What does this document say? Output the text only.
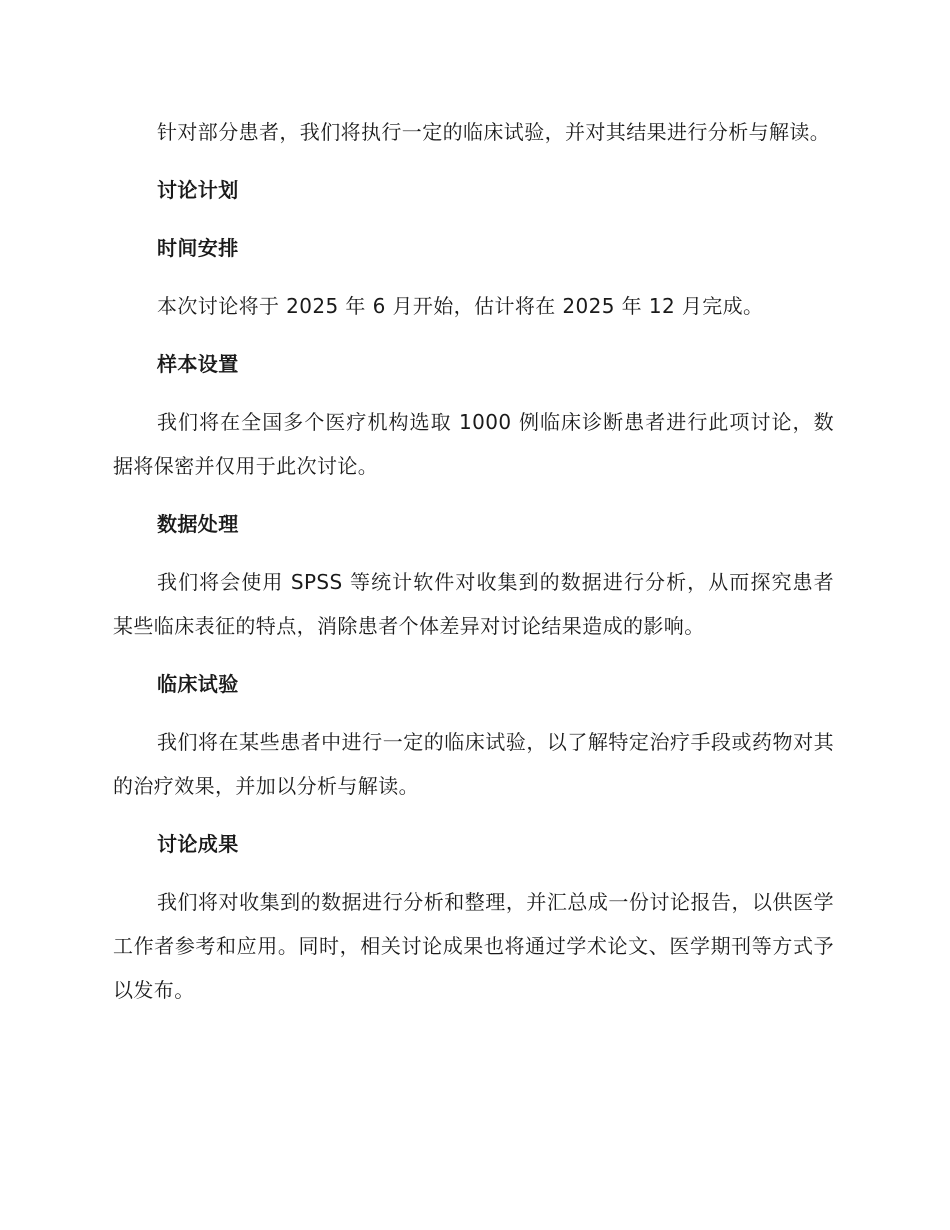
针对部分患者，我们将执行一定的临床试验，并对其结果进行分析与解读。

讨论计划

时间安排

本次讨论将于 2025 年 6 月开始，估计将在 2025 年 12 月完成。

样本设置

我们将在全国多个医疗机构选取 1000 例临床诊断患者进行此项讨论，数据将保密并仅用于此次讨论。

数据处理

我们将会使用 SPSS 等统计软件对收集到的数据进行分析，从而探究患者某些临床表征的特点，消除患者个体差异对讨论结果造成的影响。

临床试验

我们将在某些患者中进行一定的临床试验，以了解特定治疗手段或药物对其的治疗效果，并加以分析与解读。

讨论成果

我们将对收集到的数据进行分析和整理，并汇总成一份讨论报告，以供医学工作者参考和应用。同时，相关讨论成果也将通过学术论文、医学期刊等方式予以发布。
